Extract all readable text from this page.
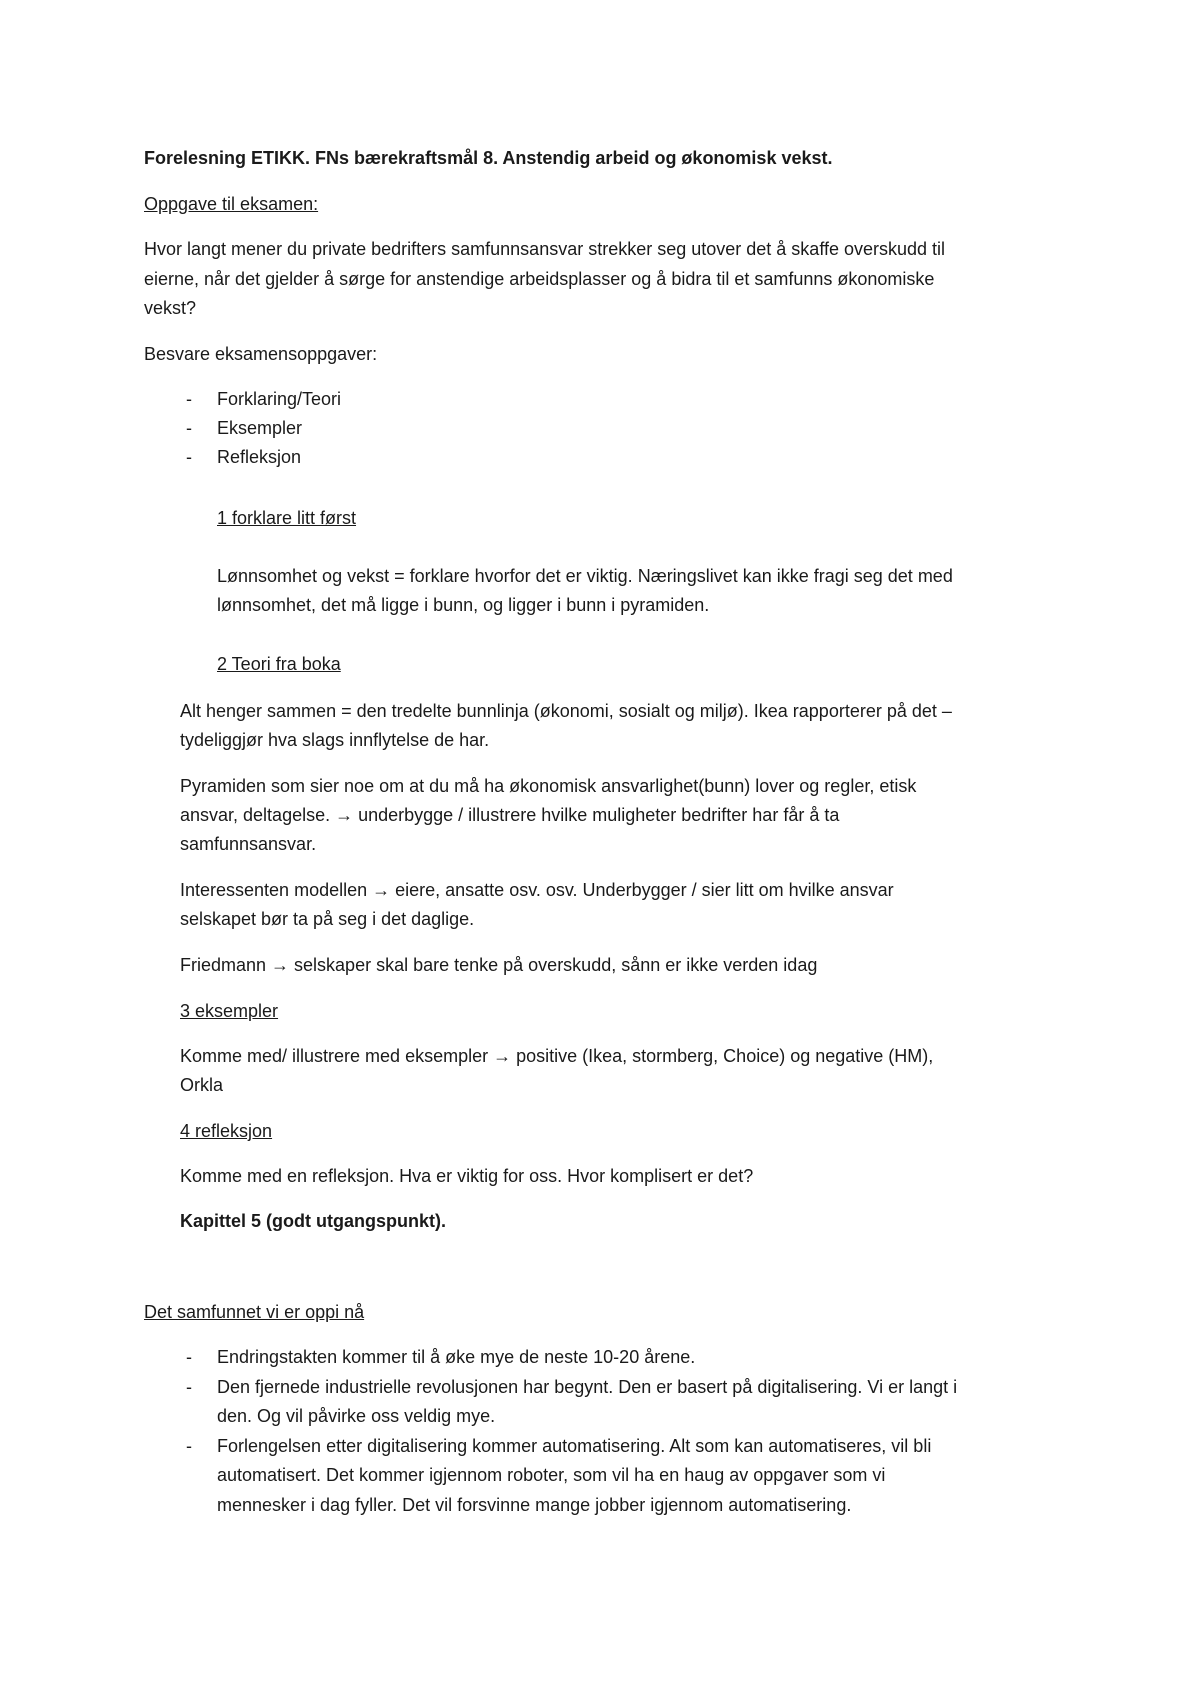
Forelesning ETIKK. FNs bærekraftsmål 8. Anstendig arbeid og økonomisk vekst.
Oppgave til eksamen:
Hvor langt mener du private bedrifters samfunnsansvar strekker seg utover det å skaffe overskudd til
eierne, når det gjelder å sørge for anstendige arbeidsplasser og å bidra til et samfunns økonomiske
vekst?
Besvare eksamensoppgaver:
- Forklaring/Teori
- Eksempler
- Refleksjon
1 forklare litt først
Lønnsomhet og vekst = forklare hvorfor det er viktig. Næringslivet kan ikke fragi seg det med
lønnsomhet, det må ligge i bunn, og ligger i bunn i pyramiden.
2 Teori fra boka
Alt henger sammen = den tredelte bunnlinja (økonomi, sosialt og miljø). Ikea rapporterer på det –
tydeliggjør hva slags innflytelse de har.
Pyramiden som sier noe om at du må ha økonomisk ansvarlighet(bunn) lover og regler, etisk
ansvar, deltagelse. → underbygge / illustrere hvilke muligheter bedrifter har får å ta
samfunnsansvar.
Interessenten modellen → eiere, ansatte osv. osv. Underbygger / sier litt om hvilke ansvar
selskapet bør ta på seg i det daglige.
Friedmann → selskaper skal bare tenke på overskudd, sånn er ikke verden idag
3 eksempler
Komme med/ illustrere med eksempler → positive (Ikea, stormberg, Choice) og negative (HM),
Orkla
4 refleksjon
Komme med en refleksjon. Hva er viktig for oss. Hvor komplisert er det?
Kapittel 5 (godt utgangspunkt).
Det samfunnet vi er oppi nå
- Endringstakten kommer til å øke mye de neste 10-20 årene.
- Den fjernede industrielle revolusjonen har begynt. Den er basert på digitalisering. Vi er langt i
den. Og vil påvirke oss veldig mye.
- Forlengelsen etter digitalisering kommer automatisering. Alt som kan automatiseres, vil bli
automatisert. Det kommer igjennom roboter, som vil ha en haug av oppgaver som vi
mennesker i dag fyller. Det vil forsvinne mange jobber igjennom automatisering.
